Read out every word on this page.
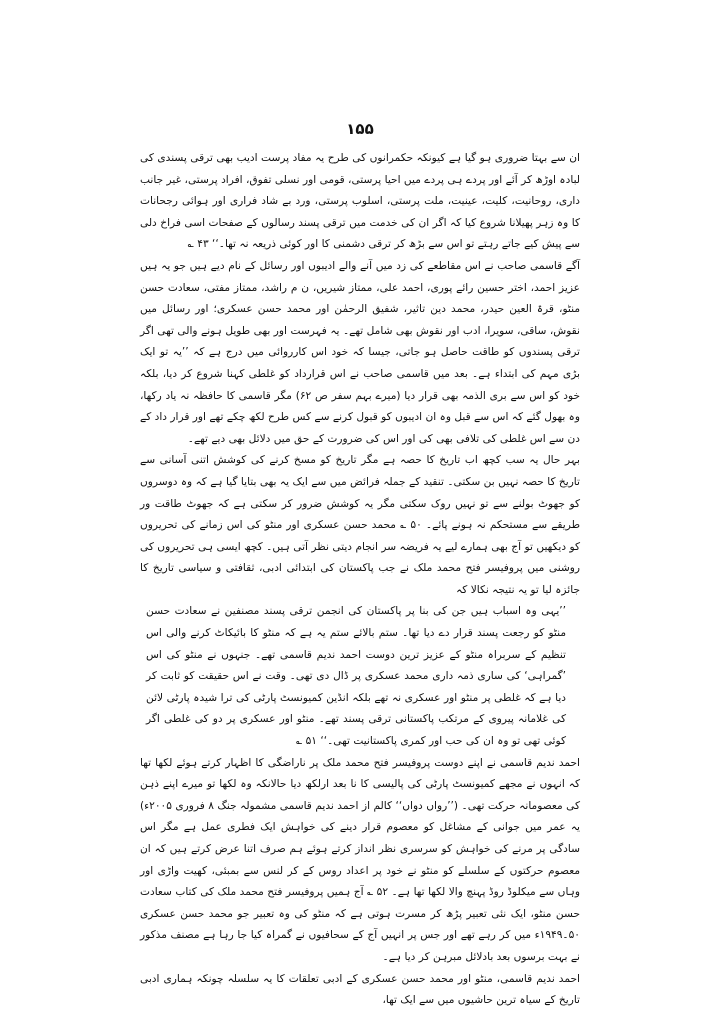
۱۵۵

ان سے بہتا ضروری ہو گیا ہے کیونکہ حکمرانوں کی طرح یہ مفاد پرست ادیب بھی ترقی پسندی کی لبادہ اوڑھ کر آئے اور پردے ہی پردے میں احیا پرستی، قومی اور نسلی تفوق، افراد پرستی، غیر جانب داری، روحانیت، کلیت، عینیت، ملت پرستی، اسلوب پرستی، ورد بے شاد فراری اور ہوائی رجحانات کا وہ زہر پھیلانا شروع کیا کہ اگر ان کی خدمت میں ترقی پسند رسالوں کے صفحات اسی فراخ دلی سے پیش کیے جاتے رہتے تو اس سے بڑھ کر ترقی دشمنی کا اور کوئی ذریعہ نہ تھا۔‘‘ ۴۳ ؎

آگے قاسمی صاحب نے اس مقاطعے کی زد میں آنے والے ادیبوں اور رسائل کے نام دیے ہیں جو یہ ہیں عزیز احمد، اختر حسین رائے پوری، احمد علی، ممتاز شیریں، ن م راشد، ممتاز مفتی، سعادت حسن منٹو، قرۃ العین حیدر، محمد دین تاثیر، شفیق الرحمٰن اور محمد حسن عسکری؛ اور رسائل میں نقوش، ساقی، سویرا، ادب اور نقوش بھی شامل تھے۔ یہ فہرست اور بھی طویل ہونے والی تھی اگر ترقی پسندوں کو طاقت حاصل ہو جاتی، جیسا کہ خود اس کارروائی میں درج ہے کہ ’’یہ تو ایک بڑی مہم کی ابتداء ہے۔ بعد میں قاسمی صاحب نے اس قرارداد کو غلطی کہنا شروع کر دیا، بلکہ خود کو اس سے بری الذمہ بھی قرار دیا (میرے بہم سفر ص ۶۲) مگر قاسمی کا حافظہ نہ یاد رکھا، وہ بھول گئے کہ اس سے قبل وہ ان ادیبوں کو قبول کرنے سے کس طرح لکھ چکے تھے اور قرار داد کے دن سے اس غلطی کی تلافی بھی کی اور اس کی ضرورت کے حق میں دلائل بھی دیے تھے۔

بہر حال یہ سب کچھ اب تاریخ کا حصہ ہے مگر تاریخ کو مسخ کرنے کی کوشش اتنی آسانی سے تاریخ کا حصہ نہیں بن سکتی۔ تنقید کے جملہ فرائض میں سے ایک یہ بھی بتایا گیا ہے کہ وہ دوسروں کو جھوٹ بولنے سے تو نہیں روک سکتی مگر یہ کوشش ضرور کر سکتی ہے کہ جھوٹ طاقت ور طریقے سے مستحکم نہ ہونے پائے۔ ۵۰ ؎ محمد حسن عسکری اور منٹو کی اس زمانے کی تحریروں کو دیکھیں تو آج بھی ہمارے لیے یہ فریضہ سر انجام دیتی نظر آتی ہیں۔ کچھ ایسی ہی تحریروں کی روشنی میں پروفیسر فتح محمد ملک نے جب پاکستان کی ابتدائی ادبی، ثقافتی و سیاسی تاریخ کا جائزہ لیا تو یہ نتیجہ نکالا کہ

’’یہی وہ اسباب ہیں جن کی بنا پر پاکستان کی انجمن ترقی پسند مصنفین نے سعادت حسن منٹو کو رجعت پسند قرار دے دیا تھا۔ ستم بالائے ستم یہ ہے کہ منٹو کا بائیکاٹ کرنے والی اس تنظیم کے سربراہ منٹو کے عزیز ترین دوست احمد ندیم قاسمی تھے۔ جنہوں نے منٹو کی اس ’گمراہی‘ کی ساری ذمہ داری محمد عسکری پر ڈال دی تھی۔ وقت نے اس حقیقت کو ثابت کر دیا ہے کہ غلطی پر منٹو اور عسکری نہ تھے بلکہ انڈین کمیونسٹ پارٹی کی ترا شیدہ پارٹی لائن کی غلامانہ پیروی کے مرتکب پاکستانی ترقی پسند تھے۔ منٹو اور عسکری پر دو کی غلطی اگر کوئی تھی تو وہ ان کی حب اور کمری پاکستانیت تھی۔‘‘ ۵۱ ؎

احمد ندیم قاسمی نے اپنے دوست پروفیسر فتح محمد ملک پر ناراضگی کا اظہار کرتے ہوئے لکھا تھا کہ انہوں نے مجھے کمیونسٹ پارٹی کی پالیسی کا نا بعد ارلکھ دیا حالانکہ وہ لکھا تو میرے اپنے ذہن کی معصومانہ حرکت تھی۔ (’’رواں دواں‘‘ کالم از احمد ندیم قاسمی مشمولہ جنگ ۸ فروری ۲۰۰۵ء) یہ عمر میں جوانی کے مشاغل کو معصوم قرار دینے کی خواہش ایک فطری عمل ہے مگر اس سادگی پر مرنے کی خواہش کو سرسری نظر انداز کرتے ہوئے ہم صرف اتنا عرض کرتے ہیں کہ ان معصوم حرکتوں کے سلسلے کو منٹو نے خود پر اعداد روس کے کر لنس سے بمبئی، کھیت واڑی اور وہاں سے میکلوڈ روڈ پہنچ والا لکھا تھا ہے۔ ۵۲ ؎ آج ہمیں پروفیسر فتح محمد ملک کی کتاب سعادت حسن منٹو، ایک نئی تعبیر پڑھ کر مسرت ہوتی ہے کہ منٹو کی وہ تعبیر جو محمد حسن عسکری ۵۰۔۱۹۴۹ء میں کر رہے تھے اور جس پر انہیں آج کے سحافیوں نے گمراہ کیا جا رہا ہے مصنف مذکور نے بہت برسوں بعد بادلائل مبرہن کر دیا ہے۔

احمد ندیم قاسمی، منٹو اور محمد حسن عسکری کے ادبی تعلقات کا یہ سلسلہ چونکہ ہماری ادبی تاریخ کے سیاہ ترین حاشیوں میں سے ایک تھا،
